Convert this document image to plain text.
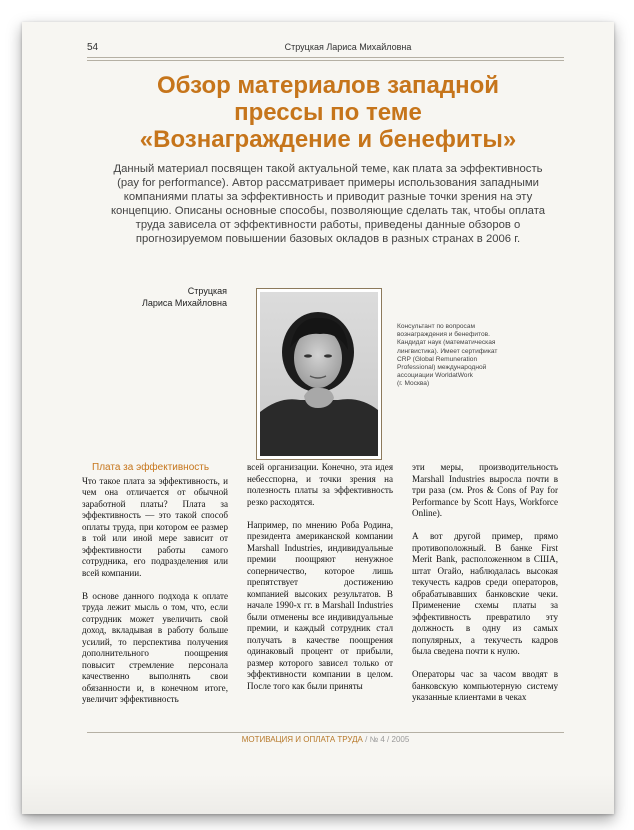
54	Струцкая Лариса Михайловна
Обзор материалов западной
прессы по теме
«Вознаграждение и бенефиты»
Данный материал посвящен такой актуальной теме, как плата за эффективность (pay for performance). Автор рассматривает примеры использования западными компаниями платы за эффективность и приводит разные точки зрения на эту концепцию. Описаны основные способы, позволяющие сделать так, чтобы оплата труда зависела от эффективности работы, приведены данные обзоров о прогнозируемом повышении базовых окладов в разных странах в 2006 г.
Струцкая
Лариса Михайловна
Консультант по вопросам
вознаграждения и бенефитов.
Кандидат наук (математическая
лингвистика). Имеет сертификат
CRP (Global Remuneration
Professional) международной
ассоциации WorldatWork
(г. Москва)
Плата за эффективность

Что такое плата за эффективность, и чем она отличается от обычной заработной платы? Плата за эффективность — это такой способ оплаты труда, при котором ее размер в той или иной мере зависит от эффективности работы самого сотрудника, его подразделения или всей компании.

В основе данного подхода к оплате труда лежит мысль о том, что, если сотрудник может увеличить свой доход, вкладывая в работу больше усилий, то перспектива получения дополнительного поощрения повысит стремление персонала качественно выполнять свои обязанности и, в конечном итоге, увеличит эффективность

всей организации. Конечно, эта идея небесспорна, и точки зрения на полезность платы за эффективность резко расходятся.

Например, по мнению Роба Родина, президента американской компании Marshall Industries, индивидуальные премии поощряют ненужное соперничество, которое лишь препятствует достижению компанией высоких результатов. В начале 1990-х гг. в Marshall Industries были отменены все индивидуальные премии, и каждый сотрудник стал получать в качестве поощрения одинаковый процент от прибыли, размер которого зависел только от эффективности компании в целом. После того как были приняты

эти меры, производительность Marshall Industries выросла почти в три раза (см. Pros & Cons of Pay for Performance by Scott Hays, Workforce Online).

А вот другой пример, прямо противоположный. В банке First Merit Bank, расположенном в США, штат Огайо, наблюдалась высокая текучесть кадров среди операторов, обрабатывавших банковские чеки. Применение схемы платы за эффективность превратило эту должность в одну из самых популярных, а текучесть кадров была сведена почти к нулю.

Операторы час за часом вводят в банковскую компьютерную систему указанные клиентами в чеках

МОТИВАЦИЯ И ОПЛАТА ТРУДА / № 4 / 2005
